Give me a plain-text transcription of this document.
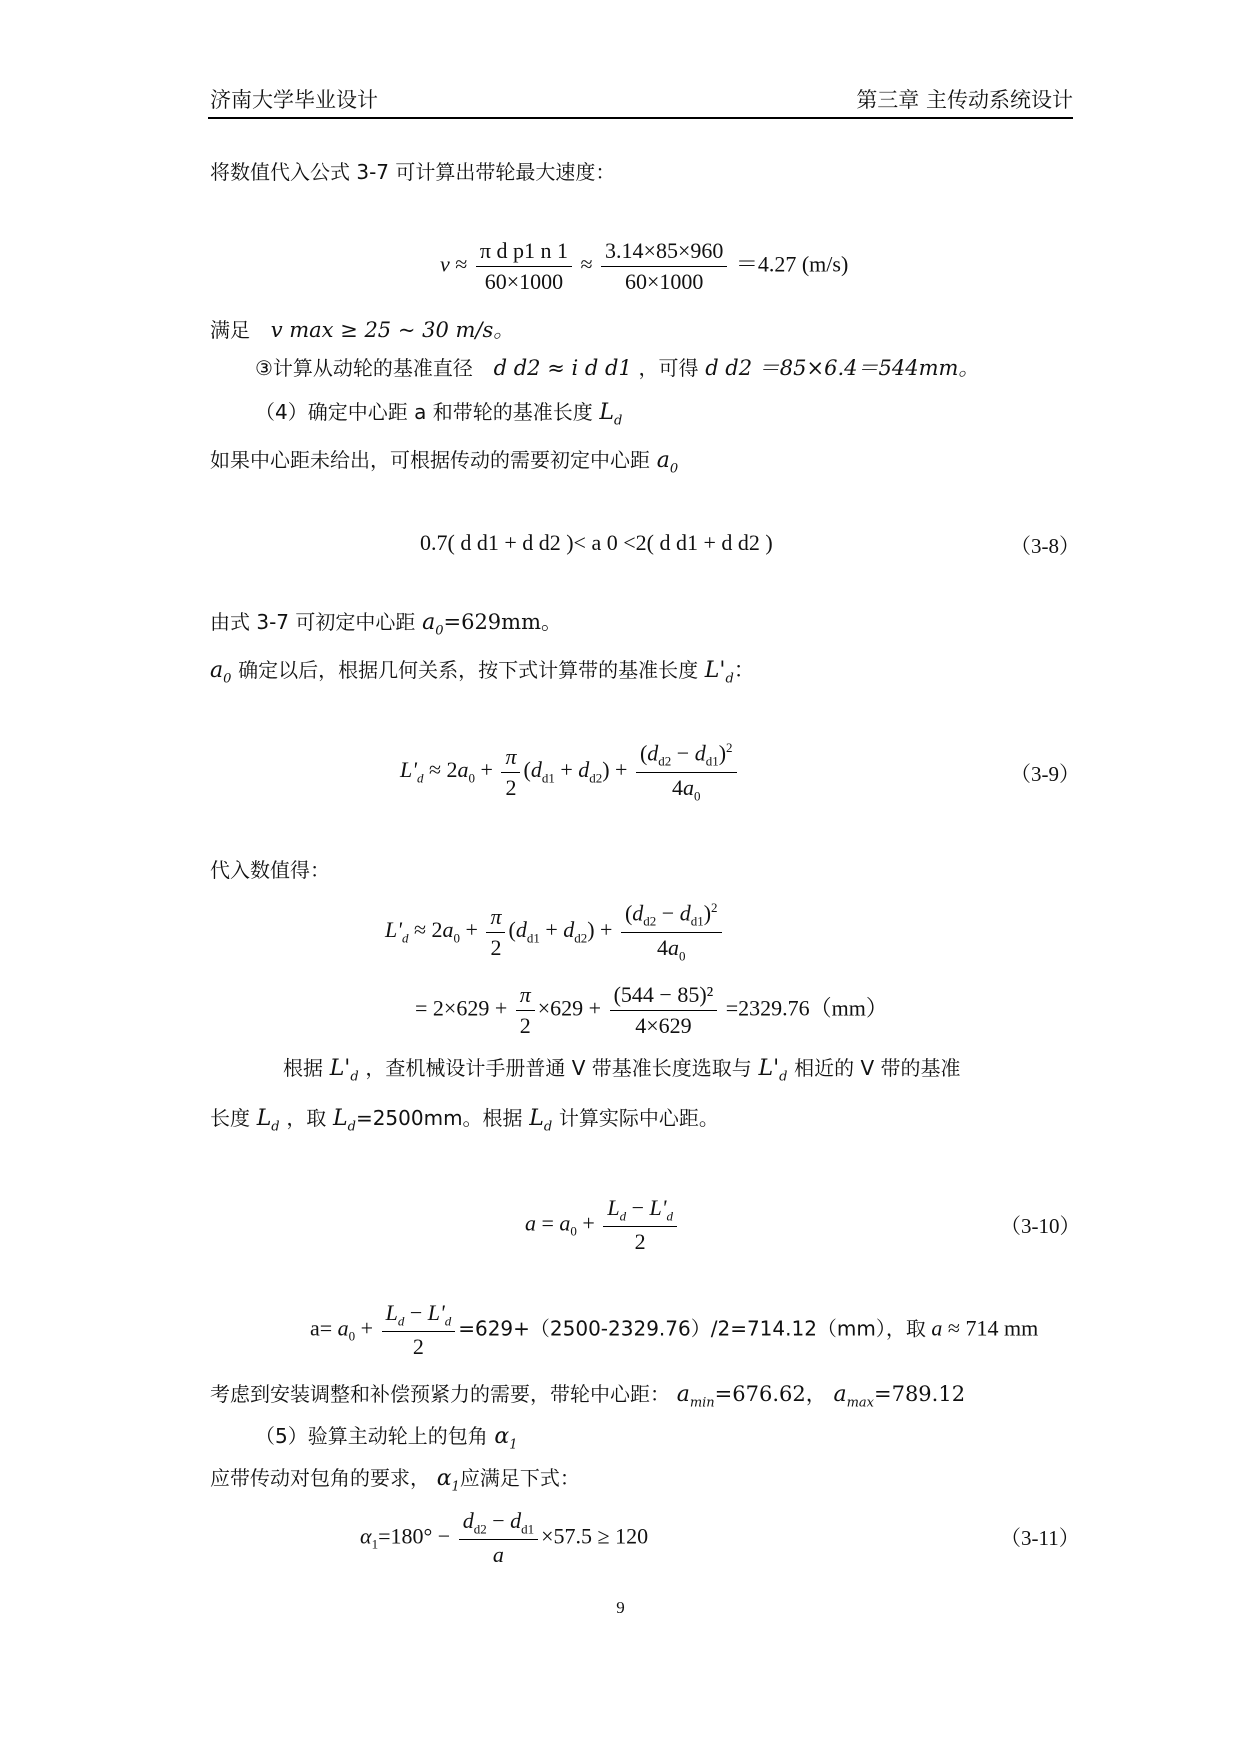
济南大学毕业设计	第三章 主传动系统设计
将数值代入公式 3-7 可计算出带轮最大速度：
$v \approx \frac{\text{π d p1 n 1}}{60\times 1000} \approx \frac{3.14\times 85\times 960}{60\times 1000} =4.27$ (m/s)
满足 v max ≥ 25 ~ 30 m/s。
③计算从动轮的基准直径 d d2 ≈ i d d1 ，可得 d d2 ＝85×6.4＝544mm。
（4）确定中心距 a 和带轮的基准长度 $L_d$
如果中心距未给出，可根据传动的需要初定中心距 $a_0$
0.7( d d1 + d d2 )< a 0 <2( d d1 + d d2 )	（3-8）
由式 3-7 可初定中心距 $a_0=629mm$。
$a_0$ 确定以后，根据几何关系，按下式计算带的基准长度 $L'_d$：
$L'_d \approx 2a_0 + \frac{\pi}{2} (d_{d1} + d_{d2}) + \frac{(d_{d2} - d_{d1})^2}{4a_0}$	（3-9）
代入数值得：
$L'_d \approx 2a_0 + \frac{\pi}{2} (d_{d1} + d_{d2}) + \frac{(d_{d2} - d_{d1})^2}{4a_0}$
= $2\times 629 + \frac{\pi}{2} \times 629 + \frac{\text{(544 − 85)²}}{4\times 629} =2329.76(mm)$
根据 $L'_d$ ，查机械设计手册普通 V 带基准长度选取与 $L'_d$ 相近的 V 带的基准
长度 $L_d$ ，取 $L_d=2500mm$。根据 $L_d$ 计算实际中心距。
$a = a_0 + \frac{L_d - L'_d}{2}$	（3-10）
$a= a_0 + \frac{L_d - L'_d}{2} =629+(2500-2329.76)/2=714.12(mm)$，取 a ≈ 714 mm
考虑到安装调整和补偿预紧力的需要，带轮中心距： $a_{min}=676.62$， $a_{max}=789.12$
（5）验算主动轮上的包角 $\alpha_1$
应带传动对包角的要求， $\alpha_1$应满足下式：
$\alpha_1=180^\circ - \frac{d_{d2} - d_{d1}}{a} \times 57.5 \ge 120$	（3-11）
9
